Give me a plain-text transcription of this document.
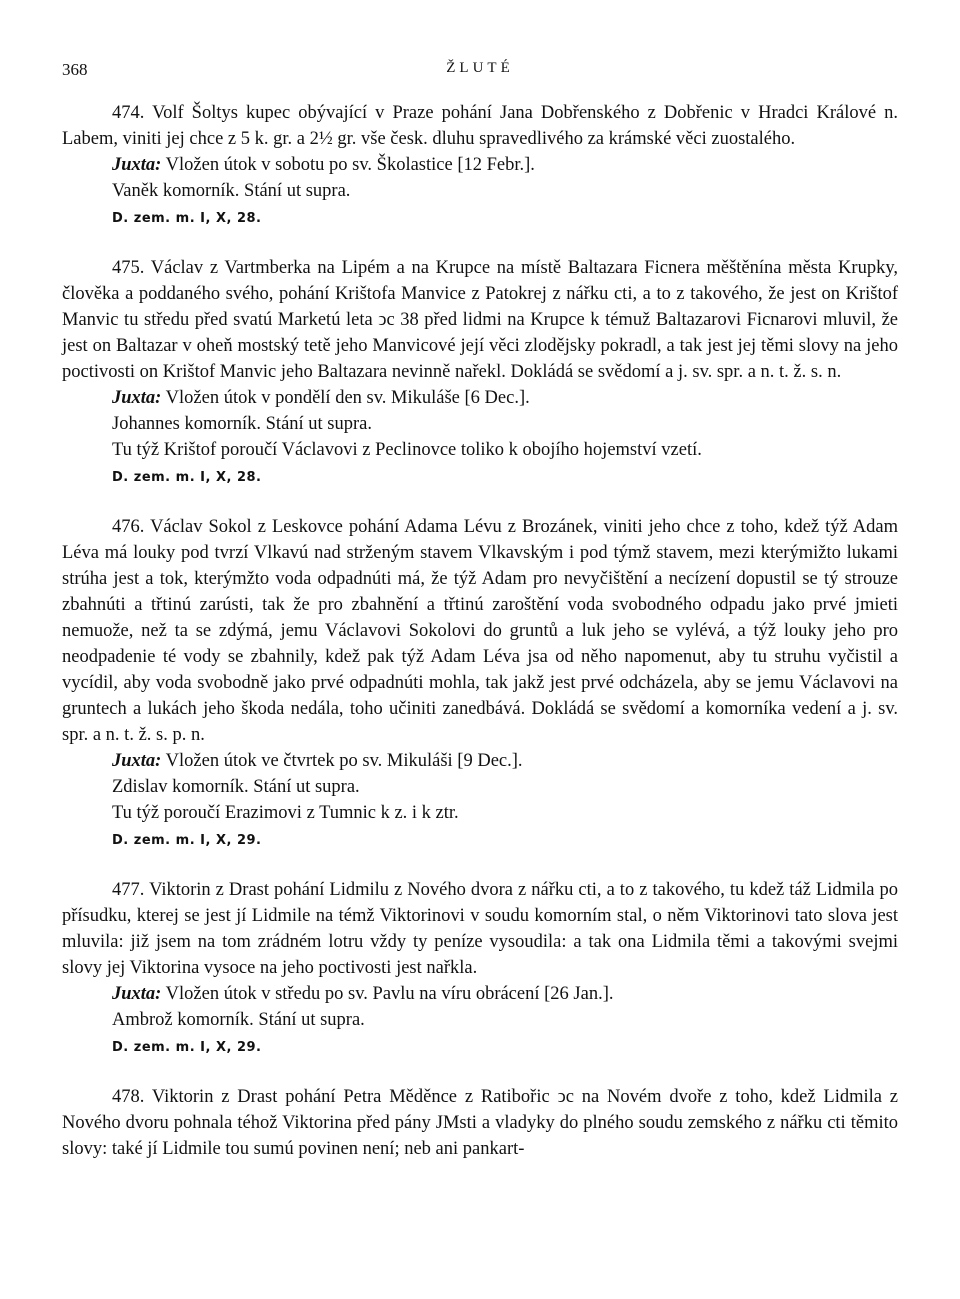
368	ŽLUTÉ

474. Volf Šoltys kupec obývající v Praze pohání Jana Dobřenského z Dobřenic v Hradci Králové n. Labem, viniti jej chce z 5 k. gr. a 2½ gr. vše česk. dluhu spravedlivého za krámské věci zuostalého.

Juxta: Vložen útok v sobotu po sv. Školastice [12 Febr.].
Vaněk komorník. Stání ut supra.
D. zem. m. I, X, 28.

475. Václav z Vartmberka na Lipém a na Krupce na místě Baltazara Ficnera měštěnína města Krupky, člověka a poddaného svého, pohání Krištofa Manvice z Patokrej z nářku cti, a to z takového, že jest on Krištof Manvic tu středu před svatú Marketú leta ↄc 38 před lidmi na Krupce k témuž Baltazarovi Ficnarovi mluvil, že jest on Baltazar v oheň mostský tetě jeho Manvicové její věci zlodějsky pokradl, a tak jest jej těmi slovy na jeho poctivosti on Krištof Manvic jeho Baltazara nevinně nařekl. Dokládá se svědomí a j. sv. spr. a n. t. ž. s. n.

Juxta: Vložen útok v pondělí den sv. Mikuláše [6 Dec.].
Johannes komorník. Stání ut supra.
Tu týž Krištof poroučí Václavovi z Peclinovce toliko k obojího hojemství vzetí.
D. zem. m. I, X, 28.

476. Václav Sokol z Leskovce pohání Adama Lévu z Brozánek, viniti jeho chce z toho, kdež týž Adam Léva má louky pod tvrzí Vlkavú nad strženým stavem Vlkavským i pod týmž stavem, mezi kterýmižto lukami strúha jest a tok, kterýmžto voda odpadnúti má, že týž Adam pro nevyčištění a necízení dopustil se tý strouze zbahnúti a třtinú zarústi, tak že pro zbahnění a třtinú zaroštění voda svobodného odpadu jako prvé jmieti nemuože, než ta se zdýmá, jemu Václavovi Sokolovi do gruntů a luk jeho se vylévá, a týž louky jeho pro neodpadenie té vody se zbahnily, kdež pak týž Adam Léva jsa od něho napomenut, aby tu struhu vyčistil a vycídil, aby voda svobodně jako prvé odpadnúti mohla, tak jakž jest prvé odcházela, aby se jemu Václavovi na gruntech a lukách jeho škoda nedála, toho učiniti zanedbává. Dokládá se svědomí a komorníka vedení a j. sv. spr. a n. t. ž. s. p. n.

Juxta: Vložen útok ve čtvrtek po sv. Mikuláši [9 Dec.].
Zdislav komorník. Stání ut supra.
Tu týž poroučí Erazimovi z Tumnic k z. i k ztr.
D. zem. m. I, X, 29.

477. Viktorin z Drast pohání Lidmilu z Nového dvora z nářku cti, a to z takového, tu kdež táž Lidmila po přísudku, kterej se jest jí Lidmile na témž Viktorinovi v soudu komorním stal, o něm Viktorinovi tato slova jest mluvila: již jsem na tom zrádném lotru vždy ty peníze vysoudila: a tak ona Lidmila těmi a takovými svejmi slovy jej Viktorina vysoce na jeho poctivosti jest nařkla.

Juxta: Vložen útok v středu po sv. Pavlu na víru obrácení [26 Jan.].
Ambrož komorník. Stání ut supra.
D. zem. m. I, X, 29.

478. Viktorin z Drast pohání Petra Měděnce z Ratibořic ↄc na Novém dvoře z toho, kdež Lidmila z Nového dvoru pohnala téhož Viktorina před pány JMsti a vladyky do plného soudu zemského z nářku cti těmito slovy: také jí Lidmile tou sumú povinen není; neb ani pankart-
